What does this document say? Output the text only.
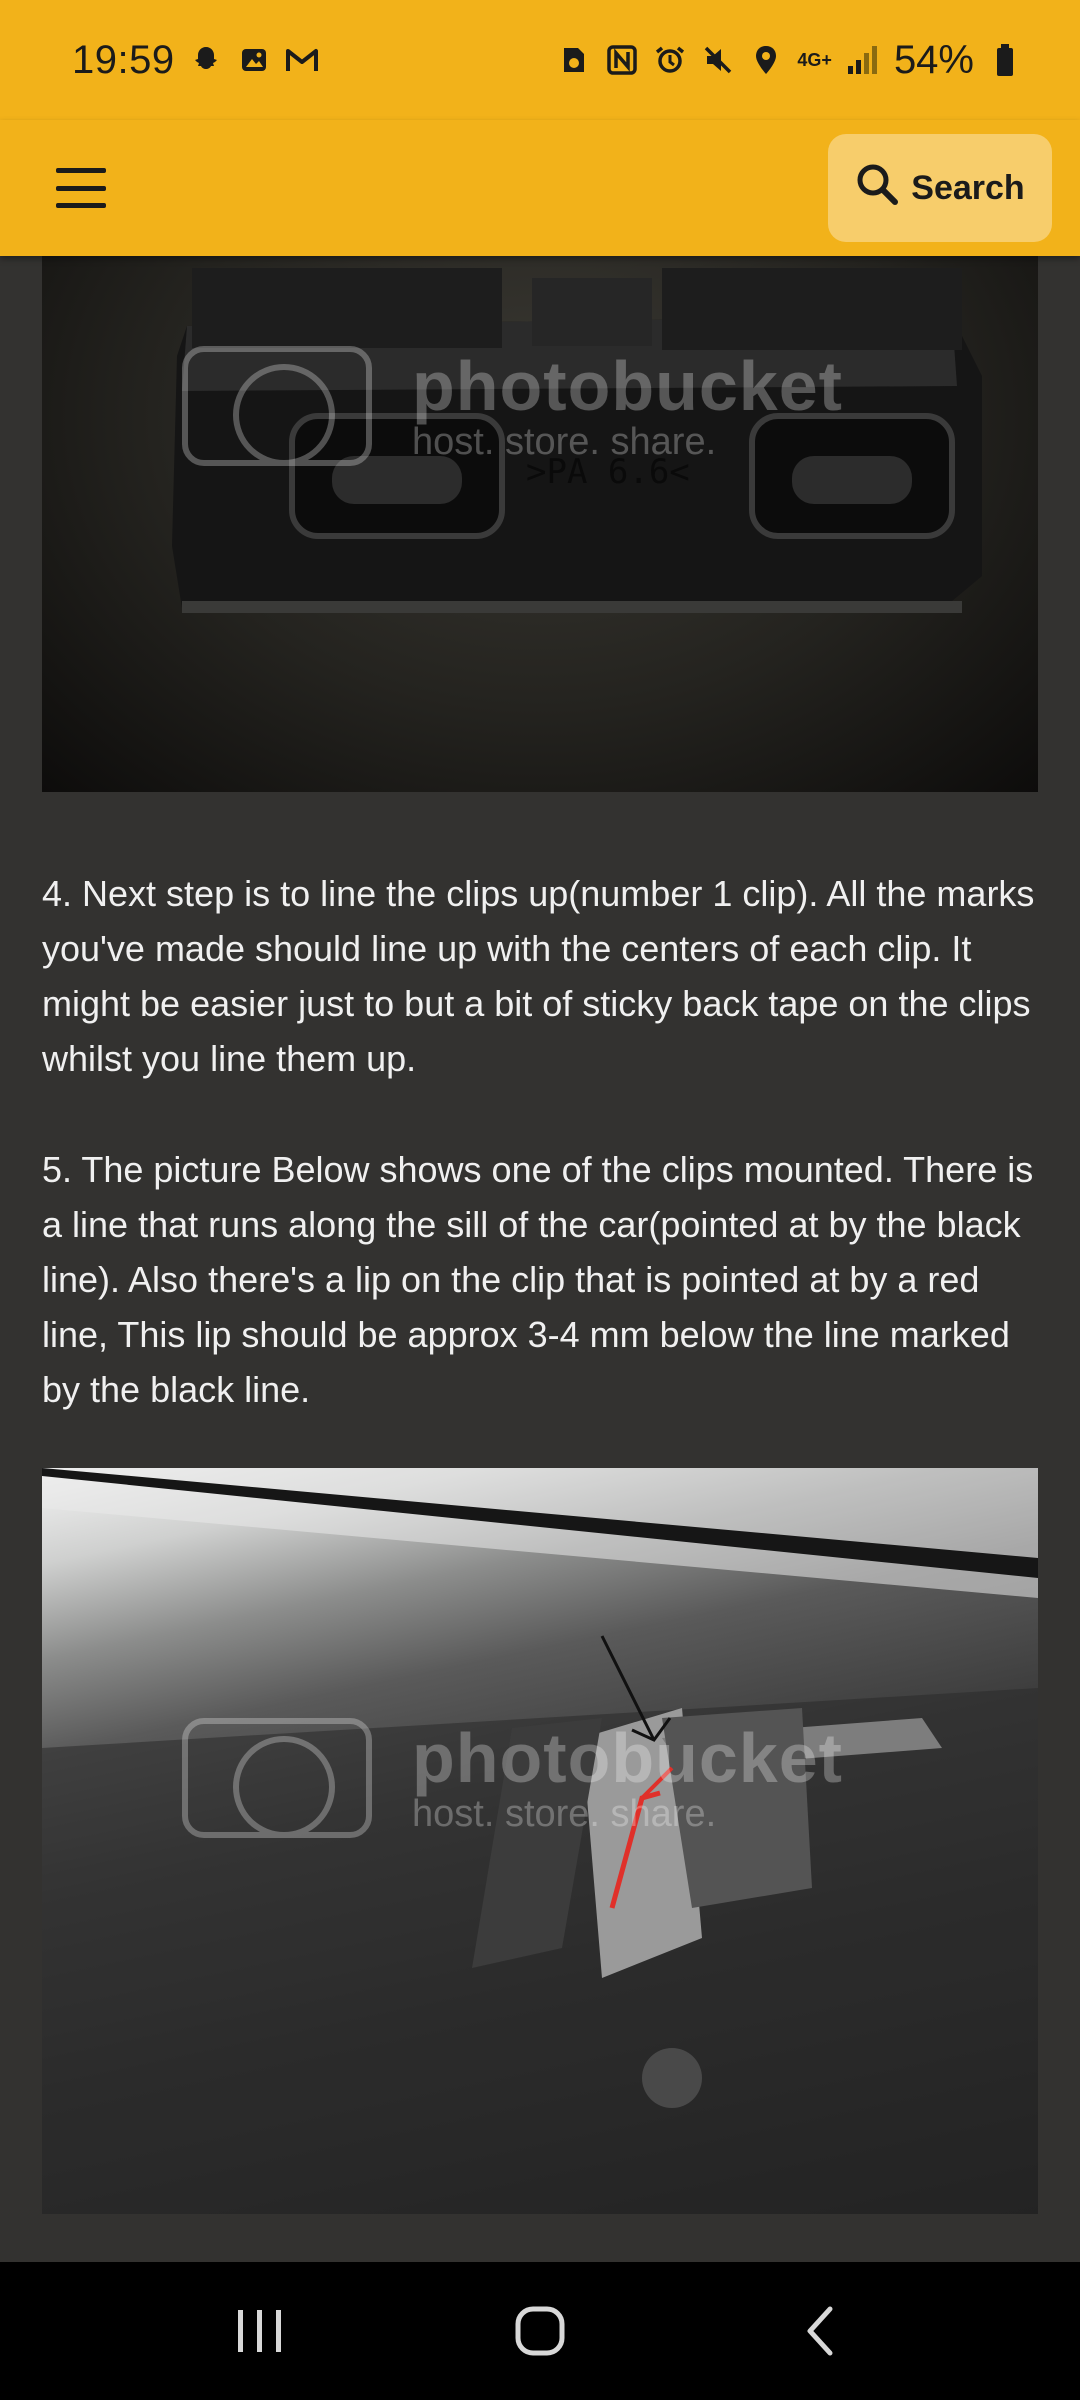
19:59	4G+ 54%
Search
>PA 6.6<
photobucket
host. store. share.

4. Next step is to line the clips up(number 1 clip). All the marks you've made should line up with the centers of each clip. It might be easier just to but a bit of sticky back tape on the clips whilst you line them up.

5. The picture Below shows one of the clips mounted. There is a line that runs along the sill of the car(pointed at by the black line). Also there's a lip on the clip that is pointed at by a red line, This lip should be approx 3-4 mm below the line marked by the black line.

photobucket
host. store. share.
